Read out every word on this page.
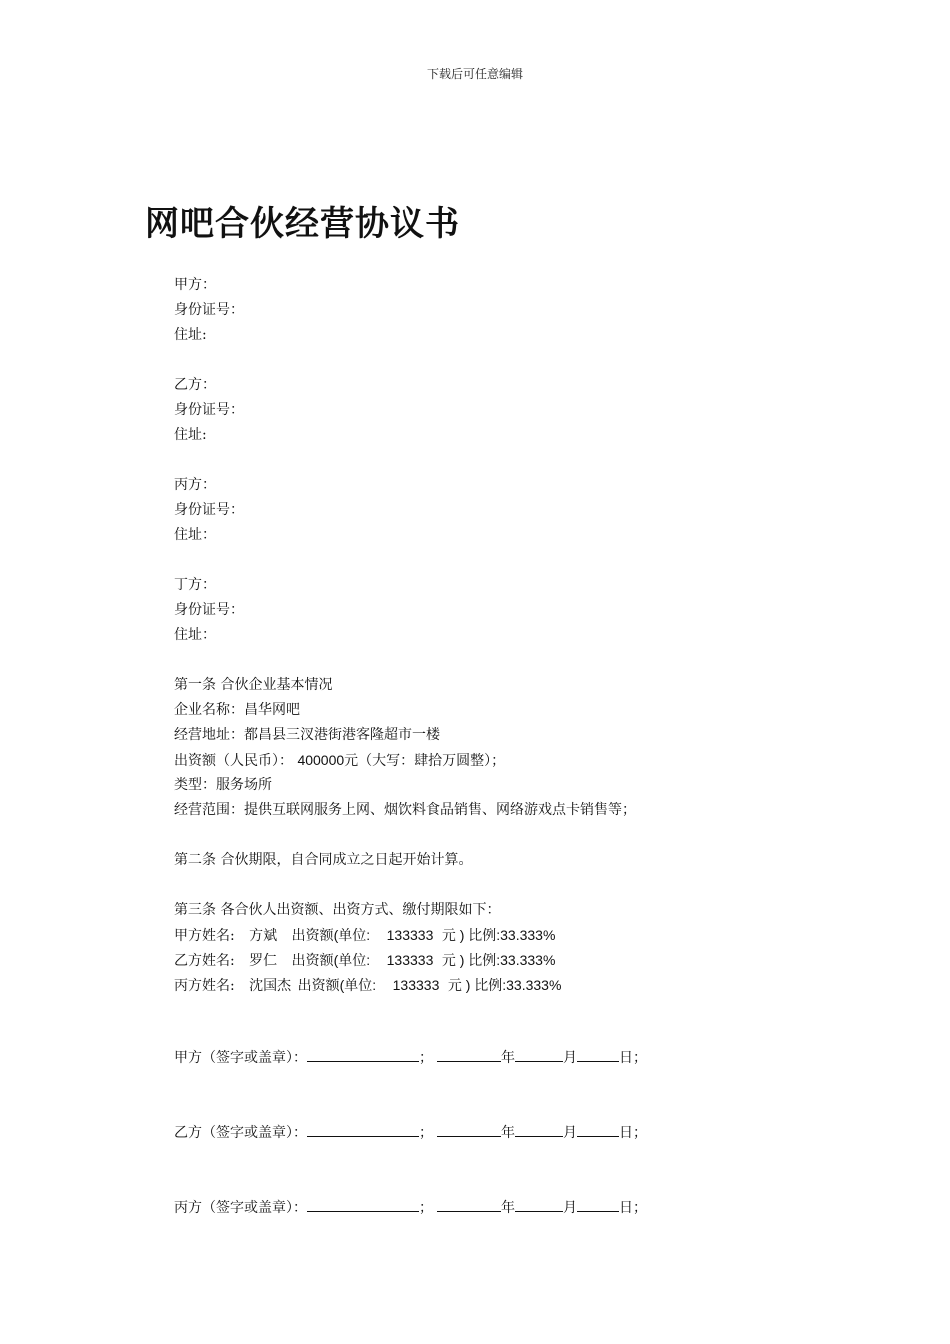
下载后可任意编辑
网吧合伙经营协议书
甲方：
身份证号：
住址:
乙方：
身份证号：
住址:
丙方：
身份证号：
住址：
丁方：
身份证号：
住址：
第一条 合伙企业基本情况
企业名称：昌华网吧
经营地址：都昌县三汊港街港客隆超市一楼
出资额（人民币）： 400000元（大写：肆拾万圆整）；
类型：服务场所
经营范围：提供互联网服务上网、烟饮料食品销售、网络游戏点卡销售等；
第二条 合伙期限，自合同成立之日起开始计算。
第三条 各合伙人出资额、出资方式、缴付期限如下：
甲方姓名: 方斌 出资额(单位: 133333 元 ) 比例:33.333%
乙方姓名: 罗仁 出资额(单位: 133333 元 ) 比例:33.333%
丙方姓名: 沈国杰 出资额(单位: 133333 元 ) 比例:33.333%
甲方（签字或盖章）：	；	年	月	日；
乙方（签字或盖章）：	；	年	月	日；
丙方（签字或盖章）：	；	年	月	日；
